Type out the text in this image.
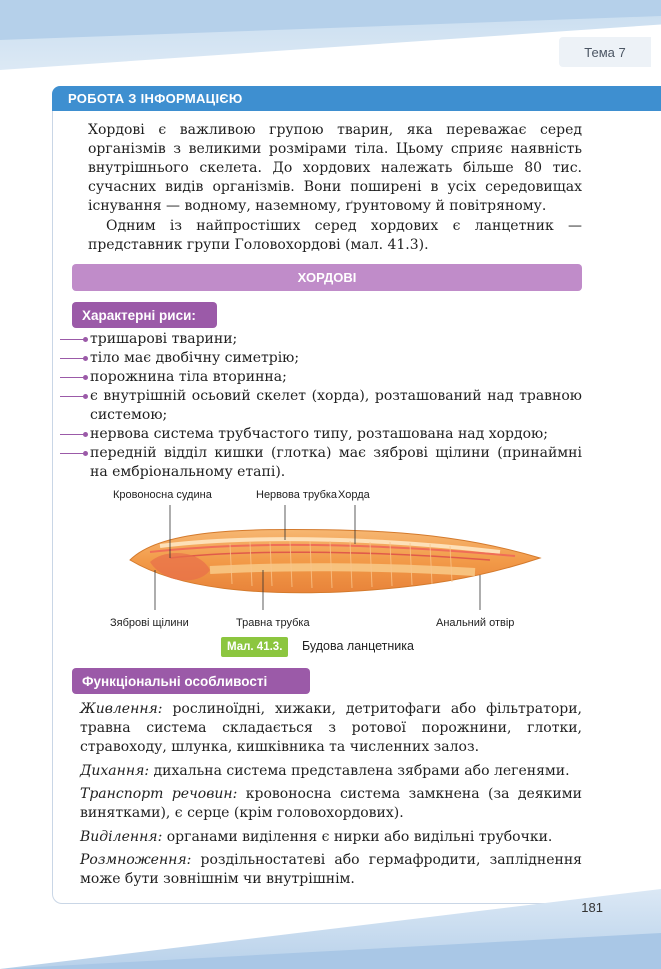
Тема 7
РОБОТА З ІНФОРМАЦІЄЮ

Хордові є важливою групою тварин, яка переважає серед організмів з великими розмірами тіла. Цьому сприяє наявність внутрішнього скелета. До хордових належать більше 80 тис. сучасних видів організмів. Вони поширені в усіх середовищах існування — водному, наземному, ґрунтовому й повітряному.

Одним із найпростіших серед хордових є ланцетник — представник групи Головохордові (мал. 41.3).

ХОРДОВІ
Характерні риси:
тришарові тварини;
тіло має двобічну симетрію;
порожнина тіла вторинна;
є внутрішній осьовий скелет (хорда), розташований над травною системою;
нервова система трубчастого типу, розташована над хордою;
передній відділ кишки (глотка) має зяброві щілини (принаймні на ембріональному етапі).
Кровоносна судина	Нервова трубка Хорда
Зяброві щілини	Травна трубка	Анальний отвір
Мал. 41.3.	Будова ланцетника
Функціональні особливості

Живлення: рослиноїдні, хижаки, детритофаги або фільтратори, травна система складається з ротової порожнини, глотки, стравоходу, шлунка, кишківника та численних залоз.

Дихання: дихальна система представлена зябрами або легенями.

Транспорт речовин: кровоносна система замкнена (за деякими винятками), є серце (крім головохордових).

Виділення: органами виділення є нирки або видільні трубочки.

Розмноження: роздільностатеві або гермафродити, запліднення може бути зовнішнім чи внутрішнім.

181
